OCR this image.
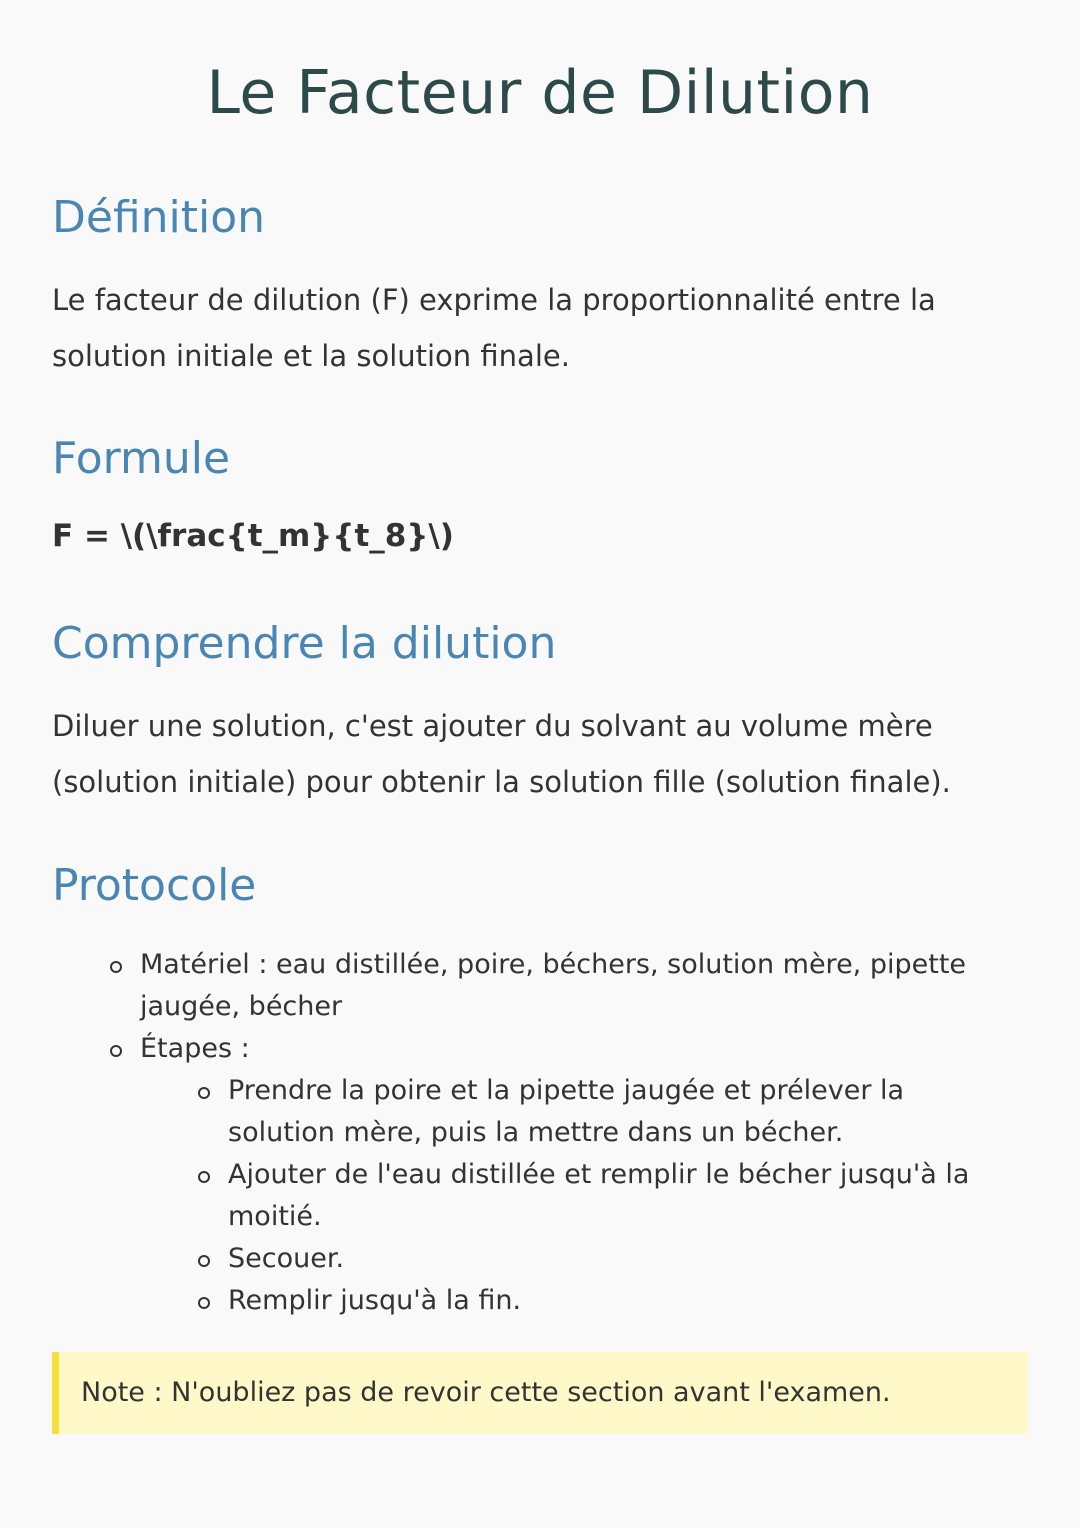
Le Facteur de Dilution
Définition

Le facteur de dilution (F) exprime la proportionnalité entre la solution initiale et la solution finale.

Formule
F = \(\frac{t_m}{t_8}\)
Comprendre la dilution

Diluer une solution, c'est ajouter du solvant au volume mère (solution initiale) pour obtenir la solution fille (solution finale).

Protocole
Matériel : eau distillée, poire, béchers, solution mère, pipette jaugée, bécher
Étapes :
Prendre la poire et la pipette jaugée et prélever la solution mère, puis la mettre dans un bécher.
Ajouter de l'eau distillée et remplir le bécher jusqu'à la moitié.
Secouer.
Remplir jusqu'à la fin.
Note : N'oubliez pas de revoir cette section avant l'examen.
